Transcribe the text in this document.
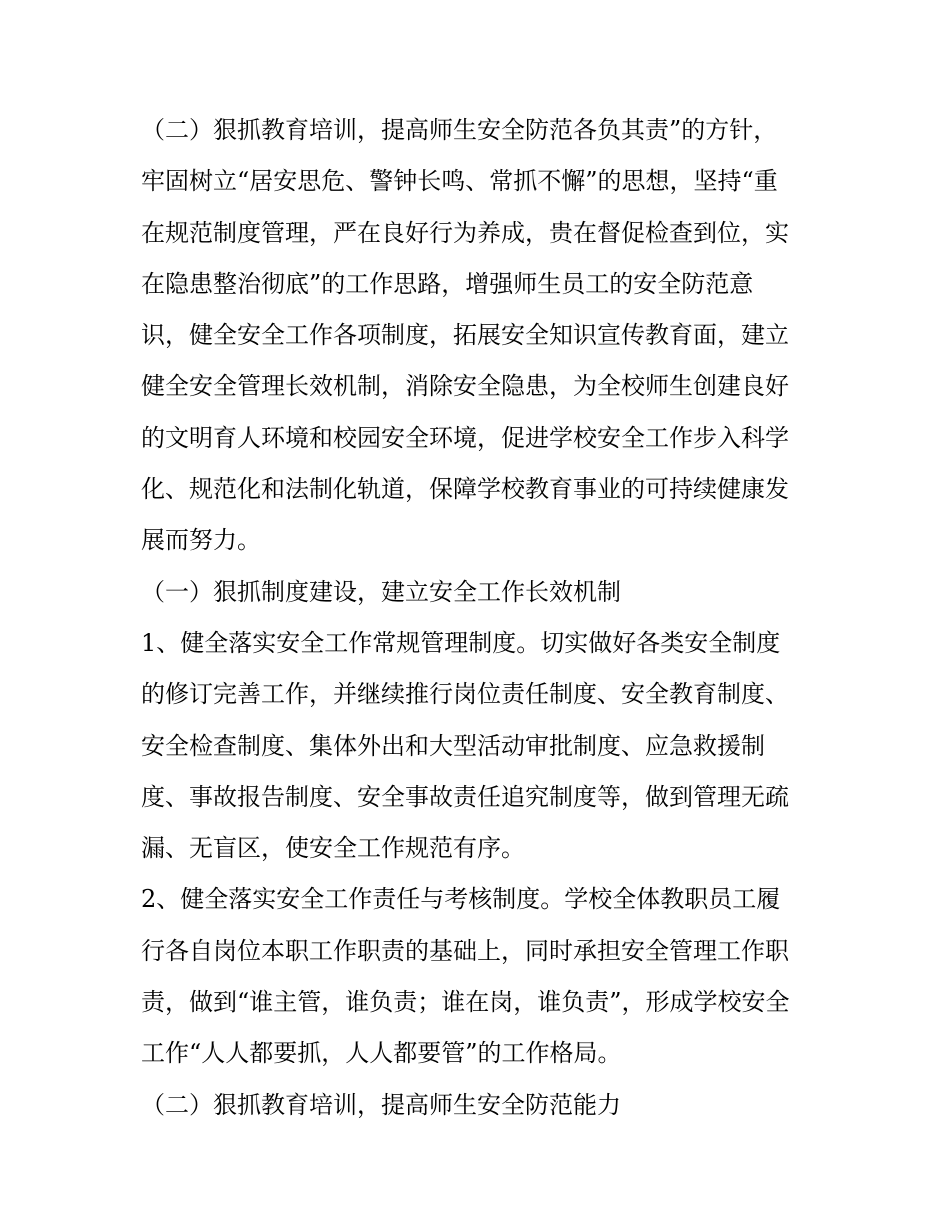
（二）狠抓教育培训，提高师生安全防范各负其责”的方针，
牢固树立“居安思危、警钟长鸣、常抓不懈”的思想，坚持“重
在规范制度管理，严在良好行为养成，贵在督促检查到位，实
在隐患整治彻底”的工作思路，增强师生员工的安全防范意
识，健全安全工作各项制度，拓展安全知识宣传教育面，建立
健全安全管理长效机制，消除安全隐患，为全校师生创建良好
的文明育人环境和校园安全环境，促进学校安全工作步入科学
化、规范化和法制化轨道，保障学校教育事业的可持续健康发
展而努力。
（一）狠抓制度建设，建立安全工作长效机制
1、健全落实安全工作常规管理制度。切实做好各类安全制度
的修订完善工作，并继续推行岗位责任制度、安全教育制度、
安全检查制度、集体外出和大型活动审批制度、应急救援制
度、事故报告制度、安全事故责任追究制度等，做到管理无疏
漏、无盲区，使安全工作规范有序。
2、健全落实安全工作责任与考核制度。学校全体教职员工履
行各自岗位本职工作职责的基础上，同时承担安全管理工作职
责，做到“谁主管，谁负责；谁在岗，谁负责”，形成学校安全
工作“人人都要抓，人人都要管”的工作格局。
（二）狠抓教育培训，提高师生安全防范能力
